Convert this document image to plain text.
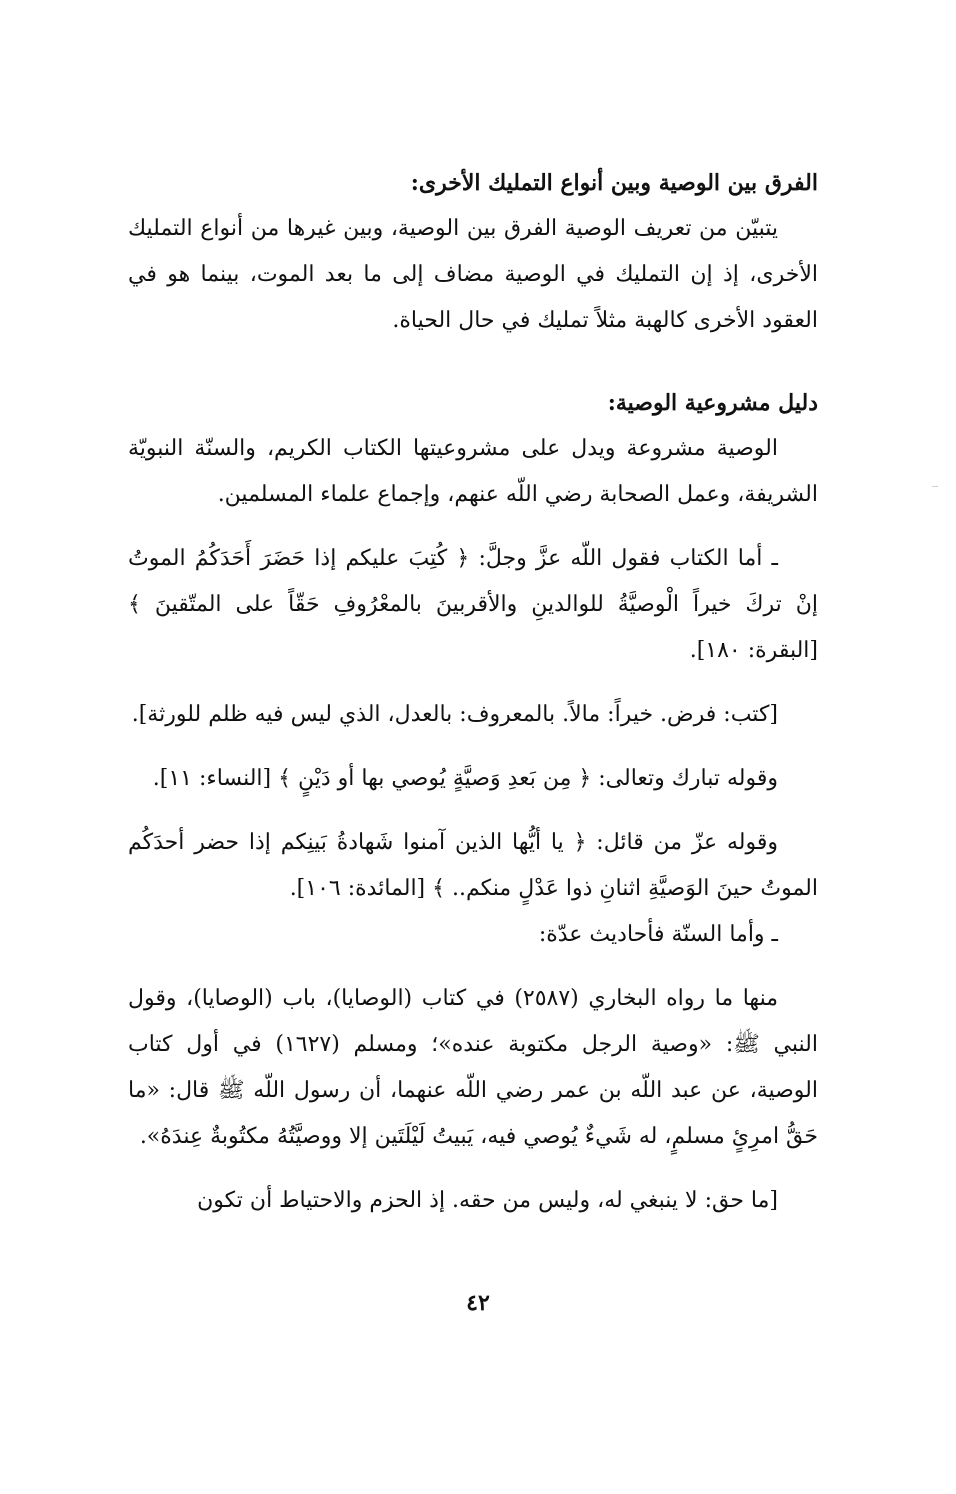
الفرق بين الوصية وبين أنواع التمليك الأخرى:

يتبيّن من تعريف الوصية الفرق بين الوصية، وبين غيرها من أنواع التمليك الأخرى، إذ إن التمليك في الوصية مضاف إلى ما بعد الموت، بينما هو في العقود الأخرى كالهبة مثلاً تمليك في حال الحياة.

دليل مشروعية الوصية:

الوصية مشروعة ويدل على مشروعيتها الكتاب الكريم، والسنّة النبويّة الشريفة، وعمل الصحابة رضي اللّه عنهم، وإجماع علماء المسلمين.

ـ أما الكتاب فقول اللّه عزَّ وجلَّ: ﴿ كُتِبَ عليكم إذا حَضَرَ أَحَدَكُمُ الموتُ إنْ تركَ خيراً الْوصيَّةُ للوالدينِ والأقربينَ بالمعْرُوفِ حَقّاً على المتّقينَ ﴾ [البقرة: ١٨٠].

[كتب: فرض. خيراً: مالاً. بالمعروف: بالعدل، الذي ليس فيه ظلم للورثة].

وقوله تبارك وتعالى: ﴿ مِن بَعدِ وَصيَّةٍ يُوصي بها أو دَيْنٍ ﴾ [النساء: ١١].

وقوله عزّ من قائل: ﴿ يا أيُّها الذين آمنوا شَهادةُ بَينِكم إذا حضر أحدَكُم الموتُ حينَ الوَصيَّةِ اثنانِ ذوا عَدْلٍ منكم.. ﴾ [المائدة: ١٠٦].

ـ وأما السنّة فأحاديث عدّة:

منها ما رواه البخاري (٢٥٨٧) في كتاب (الوصايا)، باب (الوصايا)، وقول النبي ﷺ: «وصية الرجل مكتوبة عنده»؛ ومسلم (١٦٢٧) في أول كتاب الوصية، عن عبد اللّه بن عمر رضي اللّه عنهما، أن رسول اللّه ﷺ قال: «ما حَقُّ امرِئٍ مسلمٍ، له شَيءٌ يُوصي فيه، يَبيتُ لَيْلَتَين إلا ووصيَّتُهُ مكتُوبةٌ عِندَهُ».

[ما حق: لا ينبغي له، وليس من حقه. إذ الحزم والاحتياط أن تكون

٤٢
